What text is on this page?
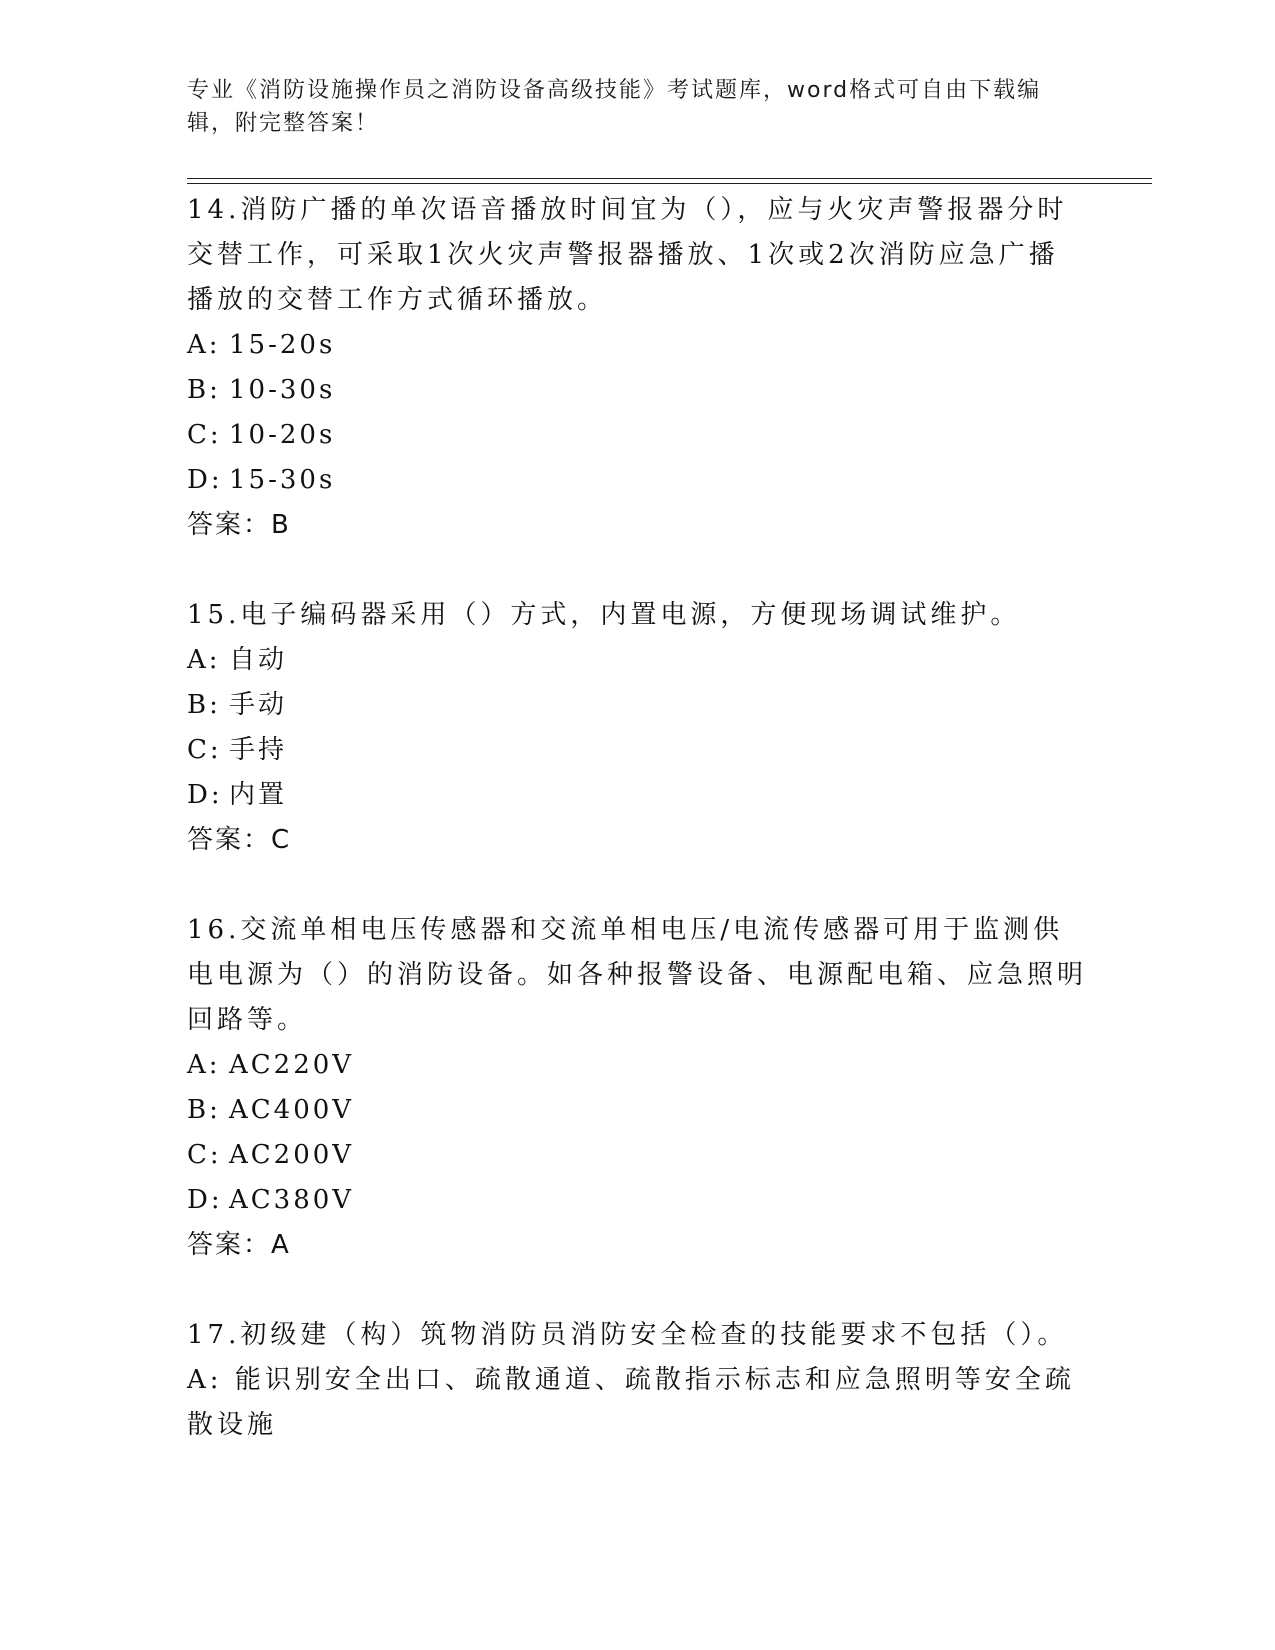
专业《消防设施操作员之消防设备高级技能》考试题库，word格式可自由下载编辑，附完整答案！
14.消防广播的单次语音播放时间宜为（），应与火灾声警报器分时交替工作，可采取1次火灾声警报器播放、1次或2次消防应急广播播放的交替工作方式循环播放。
A: 15-20s
B: 10-30s
C: 10-20s
D: 15-30s
答案：B
15.电子编码器采用（）方式，内置电源，方便现场调试维护。
A: 自动
B: 手动
C: 手持
D: 内置
答案：C
16.交流单相电压传感器和交流单相电压/电流传感器可用于监测供电电源为（）的消防设备。如各种报警设备、电源配电箱、应急照明回路等。
A: AC220V
B: AC400V
C: AC200V
D: AC380V
答案：A
17.初级建（构）筑物消防员消防安全检查的技能要求不包括（）。
A: 能识别安全出口、疏散通道、疏散指示标志和应急照明等安全疏散设施
